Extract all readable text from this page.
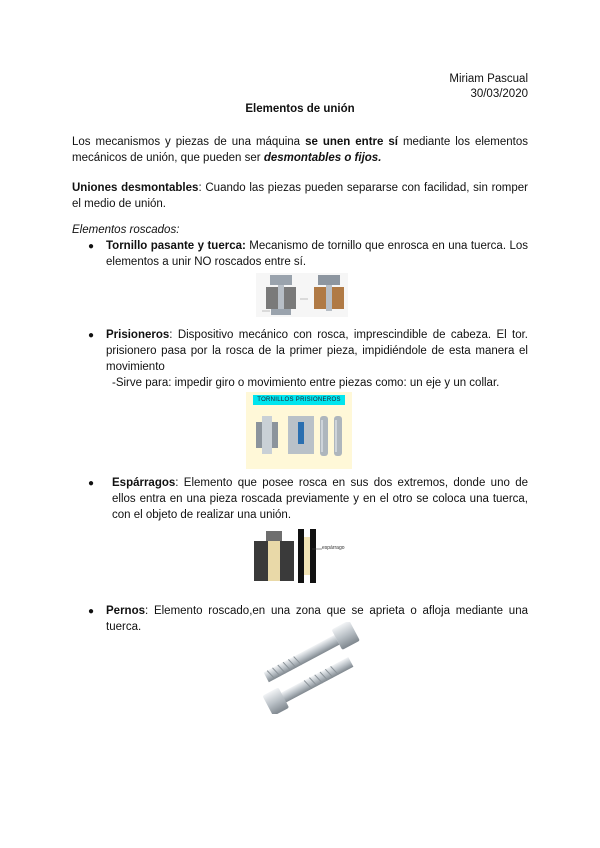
Miriam Pascual
30/03/2020
Elementos de unión
Los mecanismos y piezas de una máquina se unen entre sí mediante los elementos mecánicos de unión, que pueden ser desmontables o fijos.
Uniones desmontables: Cuando las piezas pueden separarse con facilidad, sin romper el medio de unión.
Elementos roscados:
● Tornillo pasante y tuerca: Mecanismo de tornillo que enrosca en una tuerca. Los elementos a unir NO roscados entre sí.
● Prisioneros: Dispositivo mecánico con rosca, imprescindible de cabeza. El tor. prisionero pasa por la rosca de la primer pieza, impidiéndole de esta manera el movimiento
-Sirve para: impedir giro o movimiento entre piezas como: un eje y un collar.
TORNILLOS PRISIONEROS
● Espárragos: Elemento que posee rosca en sus dos extremos, donde uno de ellos entra en una pieza roscada previamente y en el otro se coloca una tuerca, con el objeto de realizar una unión.
espárrago
● Pernos: Elemento roscado,en una zona que se aprieta o afloja mediante una tuerca.
